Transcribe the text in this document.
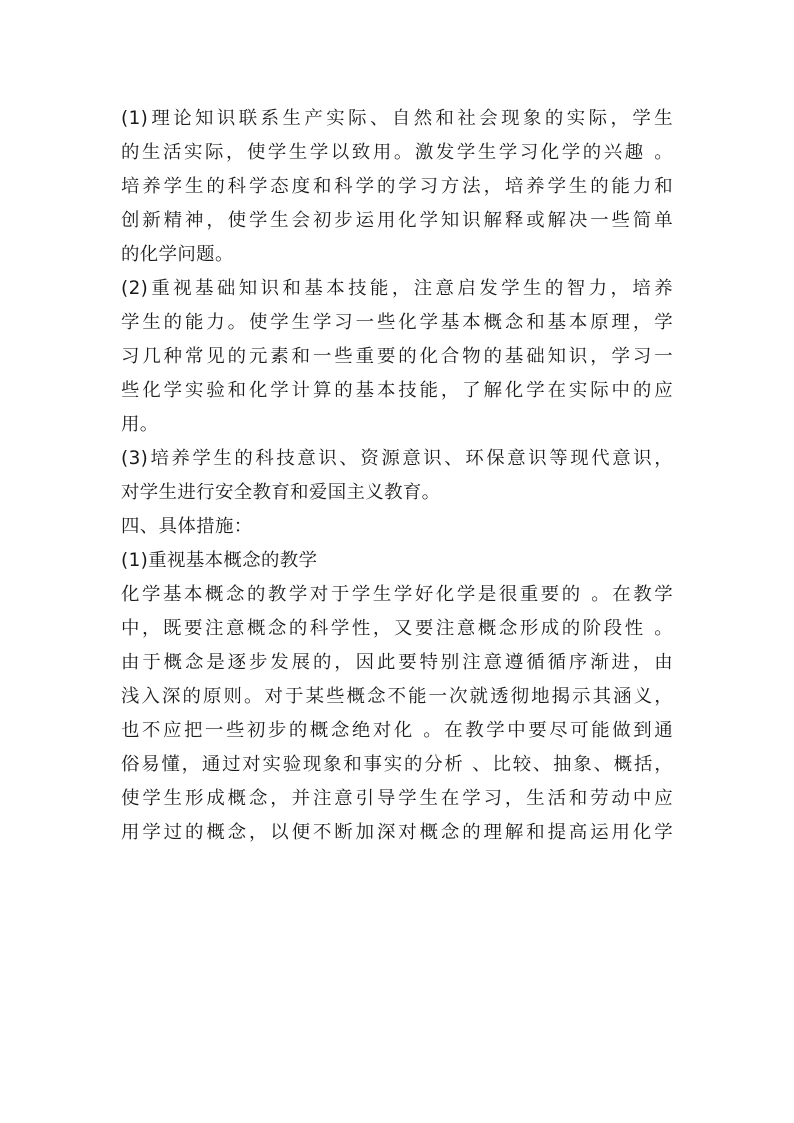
(1)理论知识联系生产实际、自然和社会现象的实际，学生
的生活实际，使学生学以致用。激发学生学习化学的兴趣 。
培养学生的科学态度和科学的学习方法，培养学生的能力和
创新精神，使学生会初步运用化学知识解释或解决一些简单
的化学问题。
(2)重视基础知识和基本技能，注意启发学生的智力，培养
学生的能力。使学生学习一些化学基本概念和基本原理，学
习几种常见的元素和一些重要的化合物的基础知识，学习一
些化学实验和化学计算的基本技能，了解化学在实际中的应
用。
(3)培养学生的科技意识、资源意识、环保意识等现代意识，
对学生进行安全教育和爱国主义教育。
四、具体措施：
(1)重视基本概念的教学
化学基本概念的教学对于学生学好化学是很重要的 。在教学
中，既要注意概念的科学性，又要注意概念形成的阶段性 。
由于概念是逐步发展的，因此要特别注意遵循循序渐进，由
浅入深的原则。对于某些概念不能一次就透彻地揭示其涵义，
也不应把一些初步的概念绝对化 。在教学中要尽可能做到通
俗易懂，通过对实验现象和事实的分析 、比较、抽象、概括，
使学生形成概念，并注意引导学生在学习，生活和劳动中应
用学过的概念，以便不断加深对概念的理解和提高运用化学
